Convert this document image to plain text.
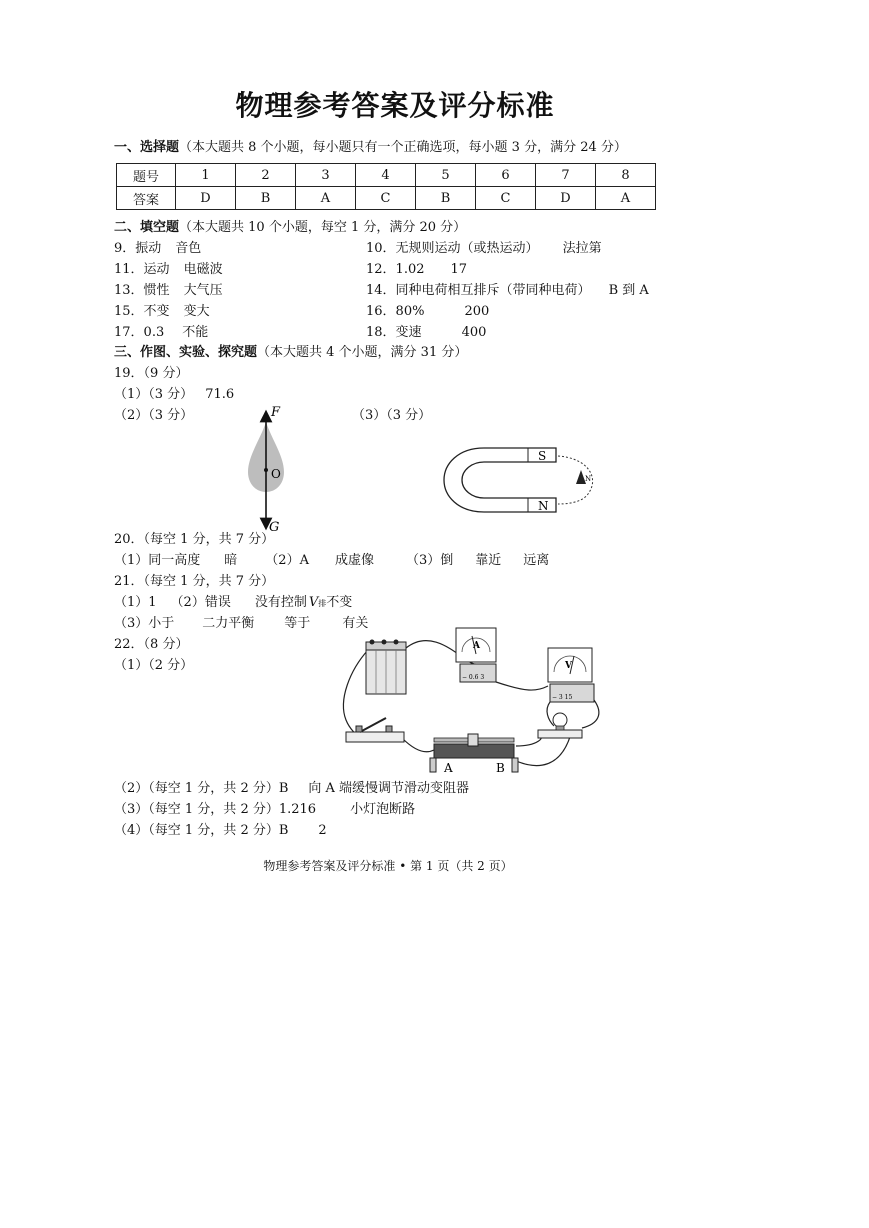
物理参考答案及评分标准
一、选择题（本大题共 8 个小题，每小题只有一个正确选项，每小题 3 分，满分 24 分）
题号	1	2	3	4	5	6	7	8
答案	D	B	A	C	B	C	D	A
二、填空题（本大题共 10 个小题，每空 1 分，满分 20 分）
9．振动 音色	10．无规则运动（或热运动） 法拉第
11．运动 电磁波	12．1.02 17
13．惯性 大气压	14．同种电荷相互排斥（带同种电荷） B 到 A
15．不变 变大	16．80%	200
17．0.3 不能	18．变速	400
三、作图、实验、探究题（本大题共 4 个小题，满分 31 分）
19．（9 分）
（1）（3 分） 71.6
（2）（3 分）	（3）（3 分）
F
G
O
S
N
N
20．（每空 1 分，共 7 分）
（1）同一高度 暗 （2）A 成虚像 （3）倒 靠近 远离
21．（每空 1 分，共 7 分）
（1）1 （2）错误 没有控制 V排不变
（3）小于 二力平衡 等于 有关
22．（8 分）
（1）（2 分）
A
− 0.6 3
V
− 3 15
A	B
（2）（每空 1 分，共 2 分）B 向 A 端缓慢调节滑动变阻器
（3）（每空 1 分，共 2 分）1.216	小灯泡断路
（4）（每空 1 分，共 2 分）B 2
物理参考答案及评分标准 • 第 1 页（共 2 页）
